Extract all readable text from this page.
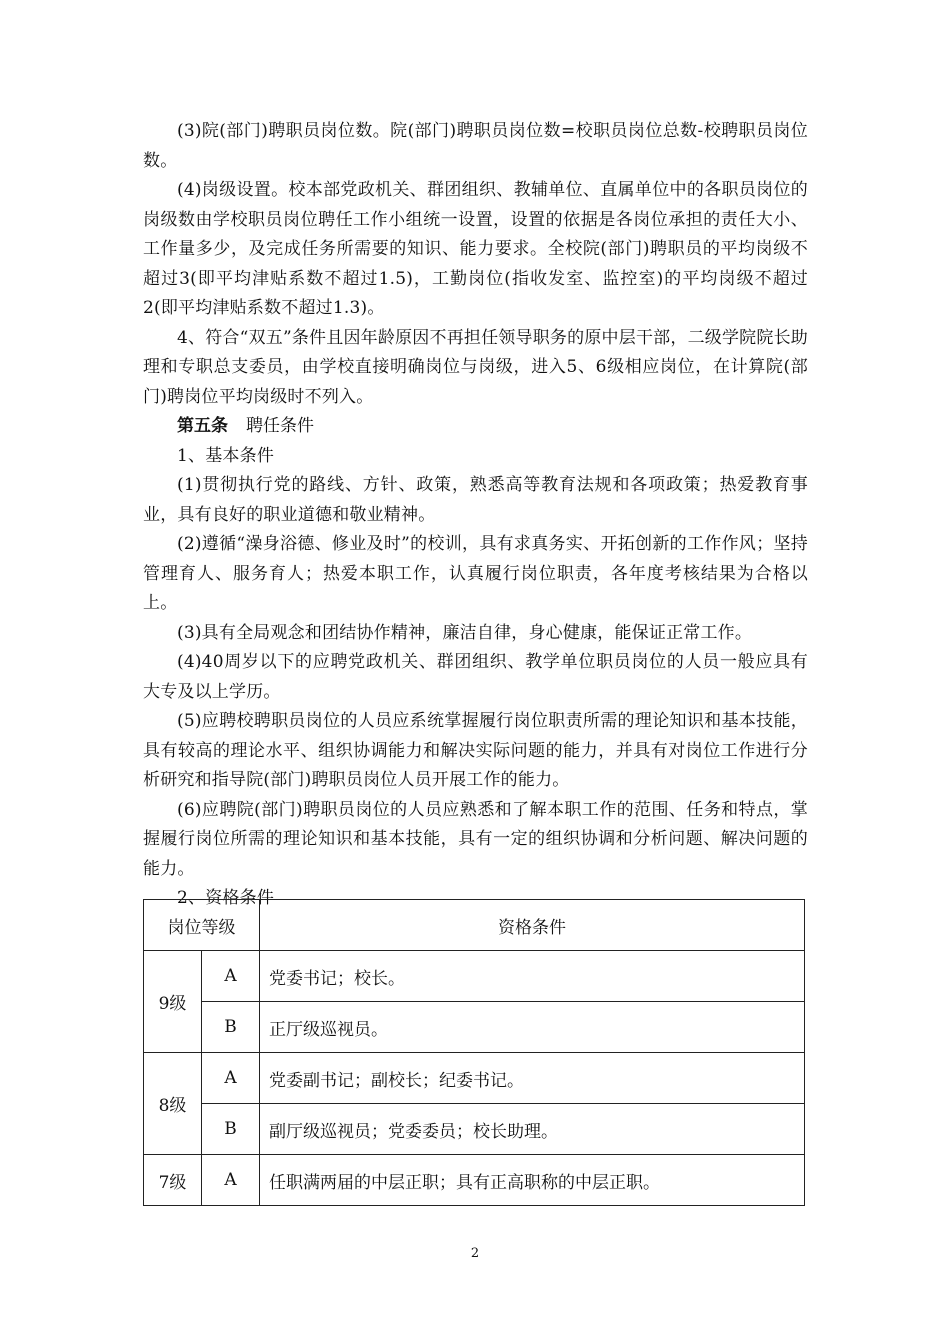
(3)院(部门)聘职员岗位数。院(部门)聘职员岗位数=校职员岗位总数-校聘职员岗位数。

(4)岗级设置。校本部党政机关、群团组织、教辅单位、直属单位中的各职员岗位的岗级数由学校职员岗位聘任工作小组统一设置，设置的依据是各岗位承担的责任大小、工作量多少，及完成任务所需要的知识、能力要求。全校院(部门)聘职员的平均岗级不超过3(即平均津贴系数不超过1.5)，工勤岗位(指收发室、监控室)的平均岗级不超过2(即平均津贴系数不超过1.3)。

4、符合“双五”条件且因年龄原因不再担任领导职务的原中层干部，二级学院院长助理和专职总支委员，由学校直接明确岗位与岗级，进入5、6级相应岗位，在计算院(部门)聘岗位平均岗级时不列入。

第五条 聘任条件

1、基本条件

(1)贯彻执行党的路线、方针、政策，熟悉高等教育法规和各项政策；热爱教育事业，具有良好的职业道德和敬业精神。

(2)遵循“澡身浴德、修业及时”的校训，具有求真务实、开拓创新的工作作风；坚持管理育人、服务育人；热爱本职工作，认真履行岗位职责，各年度考核结果为合格以上。

(3)具有全局观念和团结协作精神，廉洁自律，身心健康，能保证正常工作。

(4)40周岁以下的应聘党政机关、群团组织、教学单位职员岗位的人员一般应具有大专及以上学历。

(5)应聘校聘职员岗位的人员应系统掌握履行岗位职责所需的理论知识和基本技能，具有较高的理论水平、组织协调能力和解决实际问题的能力，并具有对岗位工作进行分析研究和指导院(部门)聘职员岗位人员开展工作的能力。

(6)应聘院(部门)聘职员岗位的人员应熟悉和了解本职工作的范围、任务和特点，掌握履行岗位所需的理论知识和基本技能，具有一定的组织协调和分析问题、解决问题的能力。

2、资格条件

岗位等级		资格条件
9级	A	党委书记；校长。
	B	正厅级巡视员。
8级	A	党委副书记；副校长；纪委书记。
	B	副厅级巡视员；党委委员；校长助理。
7级	A	任职满两届的中层正职；具有正高职称的中层正职。
2
